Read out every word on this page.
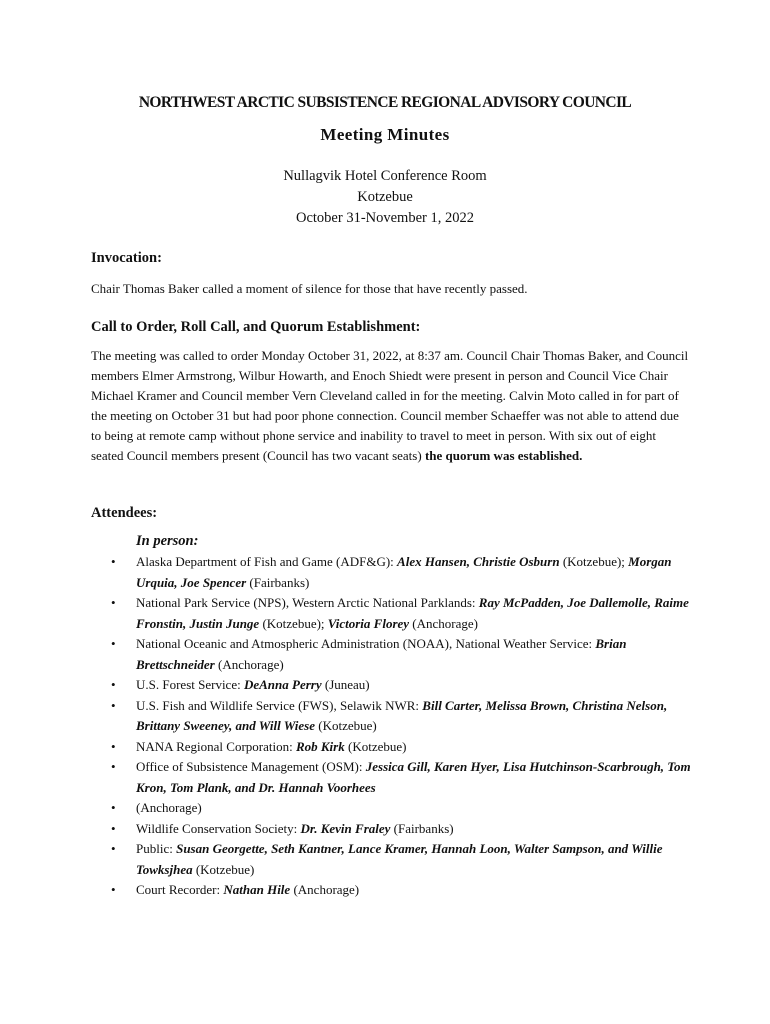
NORTHWEST ARCTIC SUBSISTENCE REGIONAL ADVISORY COUNCIL
Meeting Minutes
Nullagvik Hotel Conference Room
Kotzebue
October 31-November 1, 2022
Invocation:
Chair Thomas Baker called a moment of silence for those that have recently passed.
Call to Order, Roll Call, and Quorum Establishment:
The meeting was called to order Monday October 31, 2022, at 8:37 am. Council Chair Thomas Baker, and Council members Elmer Armstrong, Wilbur Howarth, and Enoch Shiedt were present in person and Council Vice Chair Michael Kramer and Council member Vern Cleveland called in for the meeting. Calvin Moto called in for part of the meeting on October 31 but had poor phone connection. Council member Schaeffer was not able to attend due to being at remote camp without phone service and inability to travel to meet in person. With six out of eight seated Council members present (Council has two vacant seats) the quorum was established.
Attendees:
In person:
• Alaska Department of Fish and Game (ADF&G): Alex Hansen, Christie Osburn (Kotzebue); Morgan Urquia, Joe Spencer (Fairbanks)
• National Park Service (NPS), Western Arctic National Parklands: Ray McPadden, Joe Dallemolle, Raime Fronstin, Justin Junge (Kotzebue); Victoria Florey (Anchorage)
• National Oceanic and Atmospheric Administration (NOAA), National Weather Service: Brian Brettschneider (Anchorage)
• U.S. Forest Service: DeAnna Perry (Juneau)
• U.S. Fish and Wildlife Service (FWS), Selawik NWR: Bill Carter, Melissa Brown, Christina Nelson, Brittany Sweeney, and Will Wiese (Kotzebue)
• NANA Regional Corporation: Rob Kirk (Kotzebue)
• Office of Subsistence Management (OSM): Jessica Gill, Karen Hyer, Lisa Hutchinson-Scarbrough, Tom Kron, Tom Plank, and Dr. Hannah Voorhees
• (Anchorage)
• Wildlife Conservation Society: Dr. Kevin Fraley (Fairbanks)
• Public: Susan Georgette, Seth Kantner, Lance Kramer, Hannah Loon, Walter Sampson, and Willie Towksjhea (Kotzebue)
• Court Recorder: Nathan Hile (Anchorage)
